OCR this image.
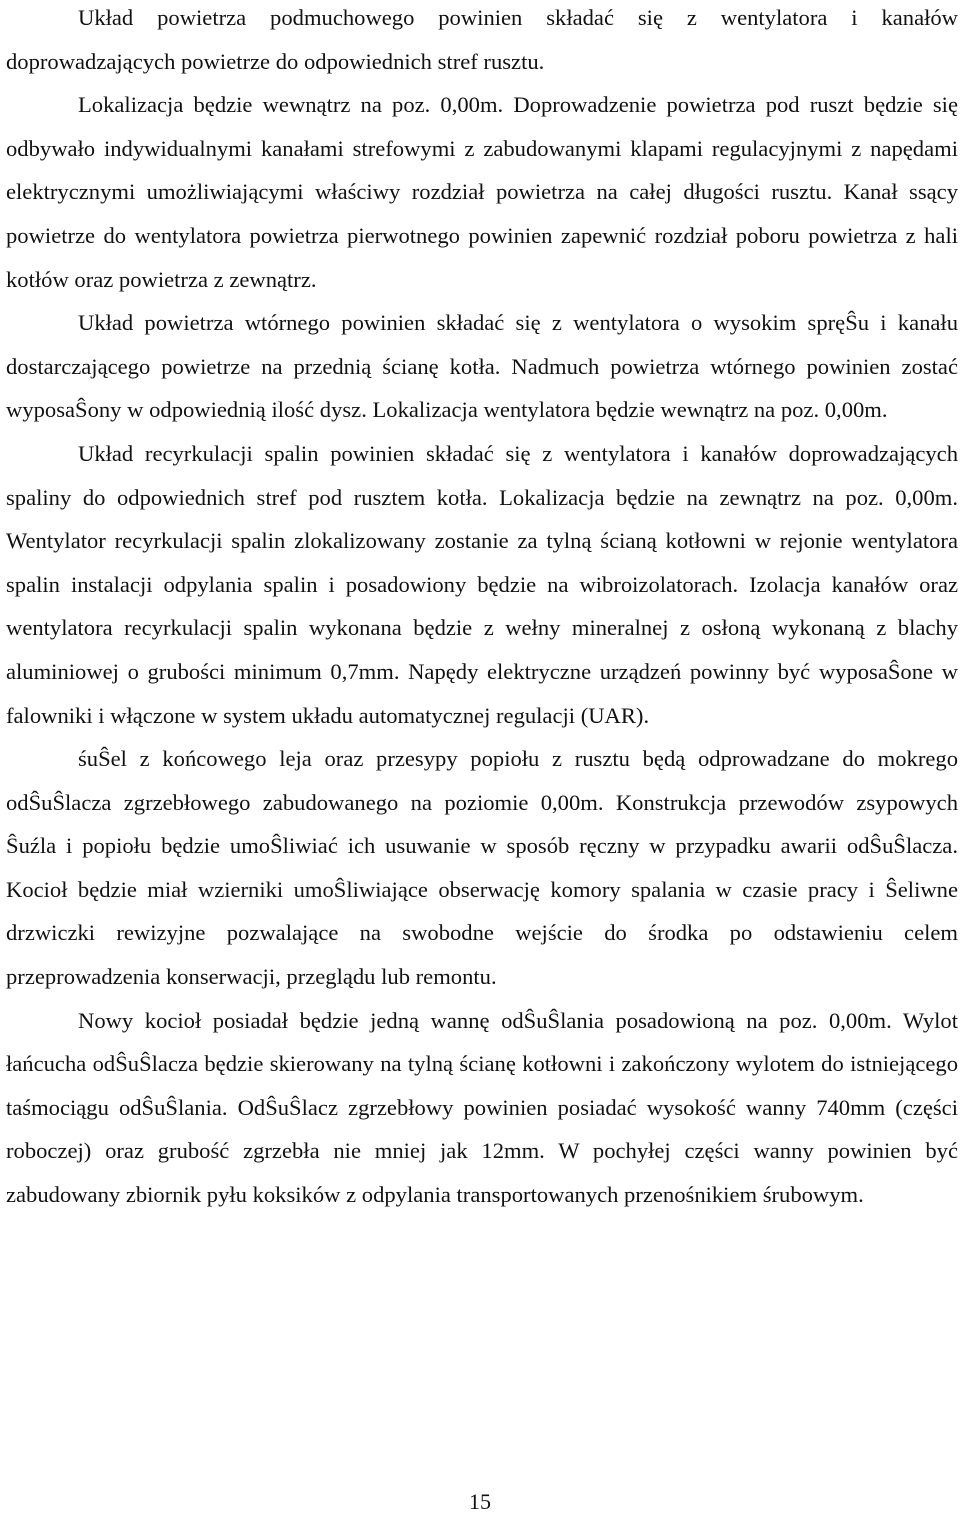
Układ powietrza podmuchowego powinien składać się z wentylatora i kanałów doprowadzających powietrze do odpowiednich stref rusztu.

Lokalizacja będzie wewnątrz na poz. 0,00m. Doprowadzenie powietrza pod ruszt będzie się odbywało indywidualnymi kanałami strefowymi z zabudowanymi klapami regulacyjnymi z napędami elektrycznymi umożliwiającymi właściwy rozdział powietrza na całej długości rusztu. Kanał ssący powietrze do wentylatora powietrza pierwotnego powinien zapewnić rozdział poboru powietrza z hali kotłów oraz powietrza z zewnątrz.

Układ powietrza wtórnego powinien składać się z wentylatora o wysokim spręŜu i kanału dostarczającego powietrze na przednią ścianę kotła. Nadmuch powietrza wtórnego powinien zostać wyposaŜony w odpowiednią ilość dysz. Lokalizacja wentylatora będzie wewnątrz na poz. 0,00m.

Układ recyrkulacji spalin powinien składać się z wentylatora i kanałów doprowadzających spaliny do odpowiednich stref pod rusztem kotła. Lokalizacja będzie na zewnątrz na poz. 0,00m. Wentylator recyrkulacji spalin zlokalizowany zostanie za tylną ścianą kotłowni w rejonie wentylatora spalin instalacji odpylania spalin i posadowiony będzie na wibroizolatorach. Izolacja kanałów oraz wentylatora recyrkulacji spalin wykonana będzie z wełny mineralnej z osłoną wykonaną z blachy aluminiowej o grubości minimum 0,7mm. Napędy elektryczne urządzeń powinny być wyposaŜone w falowniki i włączone w system układu automatycznej regulacji (UAR).

śuŜel z końcowego leja oraz przesypy popiołu z rusztu będą odprowadzane do mokrego odŜuŜlacza zgrzebłowego zabudowanego na poziomie 0,00m. Konstrukcja przewodów zsypowych Ŝuźla i popiołu będzie umoŜliwiać ich usuwanie w sposób ręczny w przypadku awarii odŜuŜlacza. Kocioł będzie miał wzierniki umoŜliwiające obserwację komory spalania w czasie pracy i Ŝeliwne drzwiczki rewizyjne pozwalające na swobodne wejście do środka po odstawieniu celem przeprowadzenia konserwacji, przeglądu lub remontu.

Nowy kocioł posiadał będzie jedną wannę odŜuŜlania posadowioną na poz. 0,00m. Wylot łańcucha odŜuŜlacza będzie skierowany na tylną ścianę kotłowni i zakończony wylotem do istniejącego taśmociągu odŜuŜlania. OdŜuŜlacz zgrzebłowy powinien posiadać wysokość wanny 740mm (części roboczej) oraz grubość zgrzebła nie mniej jak 12mm. W pochyłej części wanny powinien być zabudowany zbiornik pyłu koksików z odpylania transportowanych przenośnikiem śrubowym.

15
